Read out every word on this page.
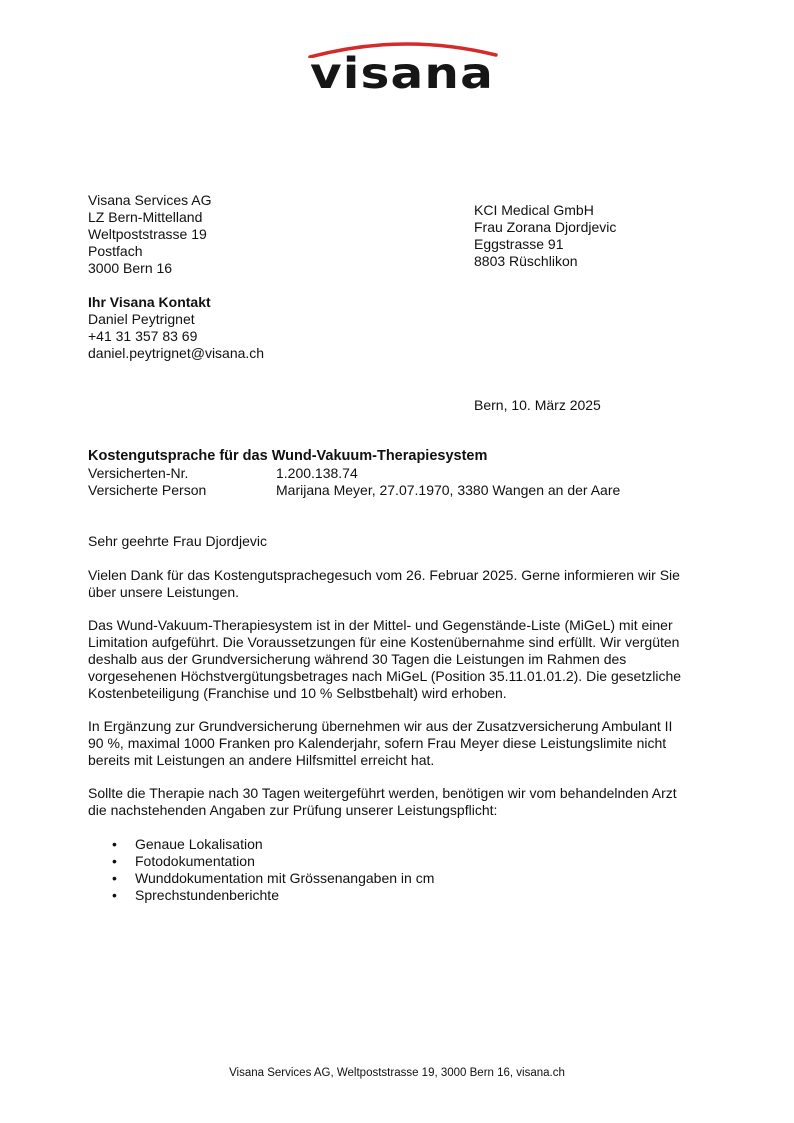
visana
Visana Services AG
LZ Bern-Mittelland
Weltpoststrasse 19
Postfach
3000 Bern 16
KCI Medical GmbH
Frau Zorana Djordjevic
Eggstrasse 91
8803 Rüschlikon
Ihr Visana Kontakt
Daniel Peytrignet
+41 31 357 83 69
daniel.peytrignet@visana.ch
Bern, 10. März 2025
Kostengutsprache für das Wund-Vakuum-Therapiesystem
Versicherten-Nr.	1.200.138.74
Versicherte Person	Marijana Meyer, 27.07.1970, 3380 Wangen an der Aare
Sehr geehrte Frau Djordjevic
Vielen Dank für das Kostengutsprachegesuch vom 26. Februar 2025. Gerne informieren wir Sie
über unsere Leistungen.
Das Wund-Vakuum-Therapiesystem ist in der Mittel- und Gegenstände-Liste (MiGeL) mit einer
Limitation aufgeführt. Die Voraussetzungen für eine Kostenübernahme sind erfüllt. Wir vergüten
deshalb aus der Grundversicherung während 30 Tagen die Leistungen im Rahmen des
vorgesehenen Höchstvergütungsbetrages nach MiGeL (Position 35.11.01.01.2). Die gesetzliche
Kostenbeteiligung (Franchise und 10 % Selbstbehalt) wird erhoben.
In Ergänzung zur Grundversicherung übernehmen wir aus der Zusatzversicherung Ambulant II
90 %, maximal 1000 Franken pro Kalenderjahr, sofern Frau Meyer diese Leistungslimite nicht
bereits mit Leistungen an andere Hilfsmittel erreicht hat.
Sollte die Therapie nach 30 Tagen weitergeführt werden, benötigen wir vom behandelnden Arzt
die nachstehenden Angaben zur Prüfung unserer Leistungspflicht:
• Genaue Lokalisation
• Fotodokumentation
• Wunddokumentation mit Grössenangaben in cm
• Sprechstundenberichte
Visana Services AG, Weltpoststrasse 19, 3000 Bern 16, visana.ch
